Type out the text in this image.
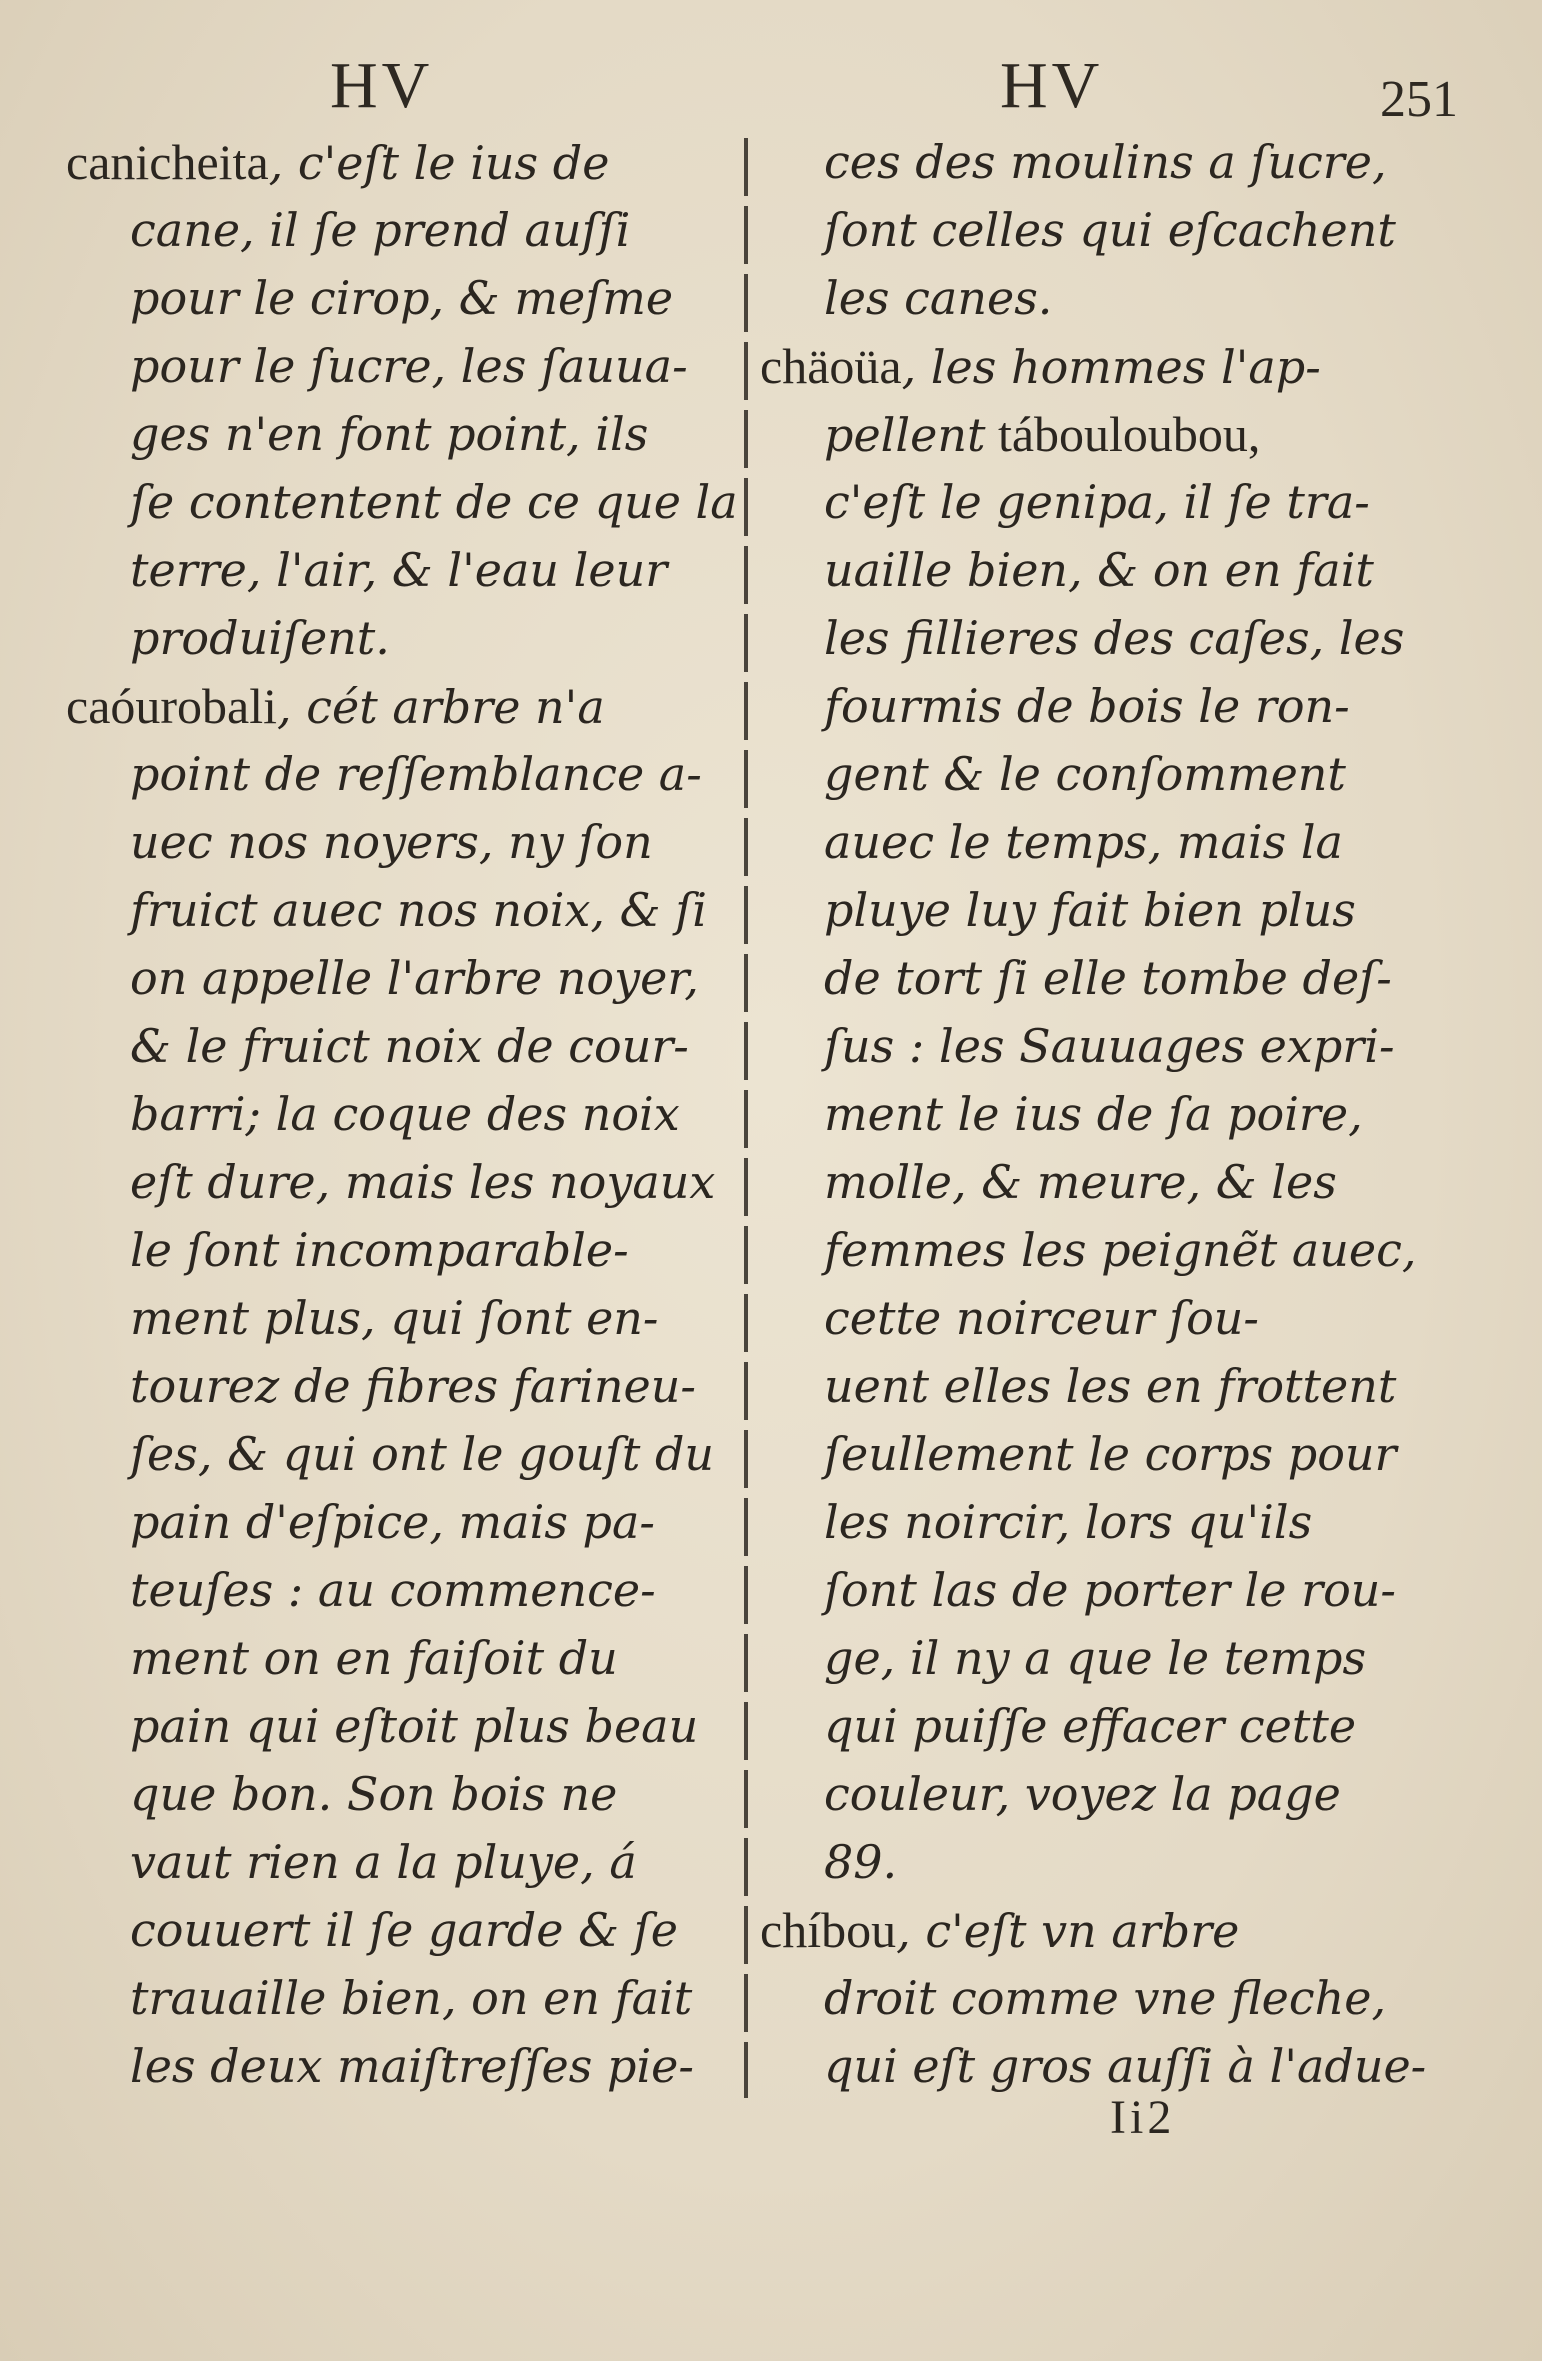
HV	HV	251
canicheita, c'eſt le ius de
cane, il ſe prend auſſi
pour le cirop, & meſme
pour le ſucre, les ſauua-
ges n'en font point, ils
ſe contentent de ce que la
terre, l'air, & l'eau leur
produiſent.
caóurobali, cét arbre n'a
point de reſſemblance a-
uec nos noyers, ny ſon
fruict auec nos noix, & ſi
on appelle l'arbre noyer,
& le fruict noix de cour-
barri; la coque des noix
eſt dure, mais les noyaux
le ſont incomparable-
ment plus, qui ſont en-
tourez de fibres farineu-
ſes, & qui ont le gouſt du
pain d'eſpice, mais pa-
teuſes : au commence-
ment on en faiſoit du
pain qui eſtoit plus beau
que bon. Son bois ne
vaut rien a la pluye, á
couuert il ſe garde & ſe
trauaille bien, on en fait
les deux maiſtreſſes pie-
ces des moulins a ſucre,
ſont celles qui eſcachent
les canes.
chäoüa, les hommes l'ap-
pellent tábouloubou,
c'eſt le genipa, il ſe tra-
uaille bien, & on en fait
les fillieres des caſes, les
fourmis de bois le ron-
gent & le conſomment
auec le temps, mais la
pluye luy fait bien plus
de tort ſi elle tombe deſ-
ſus : les Sauuages expri-
ment le ius de ſa poire,
molle, & meure, & les
femmes les peignẽt auec,
cette noirceur ſou-
uent elles les en frottent
ſeullement le corps pour
les noircir, lors qu'ils
ſont las de porter le rou-
ge, il ny a que le temps
qui puiſſe effacer cette
couleur, voyez la page
89.
chíbou, c'eſt vn arbre
droit comme vne fleche,
qui eſt gros auſſi à l'adue-
Ii2
